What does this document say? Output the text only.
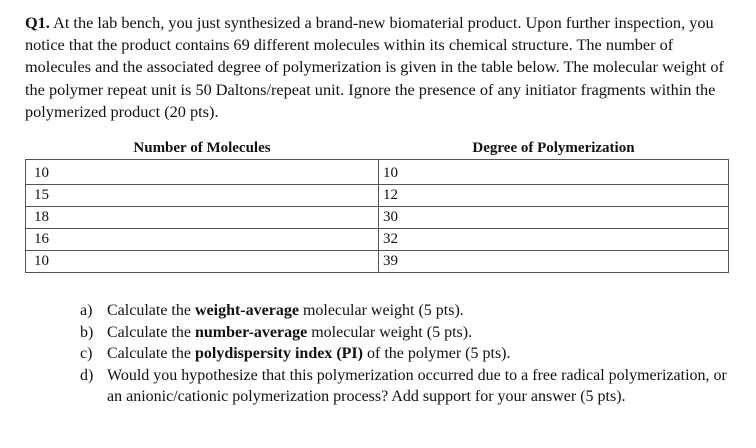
Q1. At the lab bench, you just synthesized a brand-new biomaterial product. Upon further inspection, you notice that the product contains 69 different molecules within its chemical structure. The number of molecules and the associated degree of polymerization is given in the table below. The molecular weight of the polymer repeat unit is 50 Daltons/repeat unit. Ignore the presence of any initiator fragments within the polymerized product (20 pts).
Number of Molecules	Degree of Polymerization
10	10
15	12
18	30
16	32
10	39
a) Calculate the weight-average molecular weight (5 pts).
b) Calculate the number-average molecular weight (5 pts).
c) Calculate the polydispersity index (PI) of the polymer (5 pts).
d) Would you hypothesize that this polymerization occurred due to a free radical polymerization, or an anionic/cationic polymerization process? Add support for your answer (5 pts).
